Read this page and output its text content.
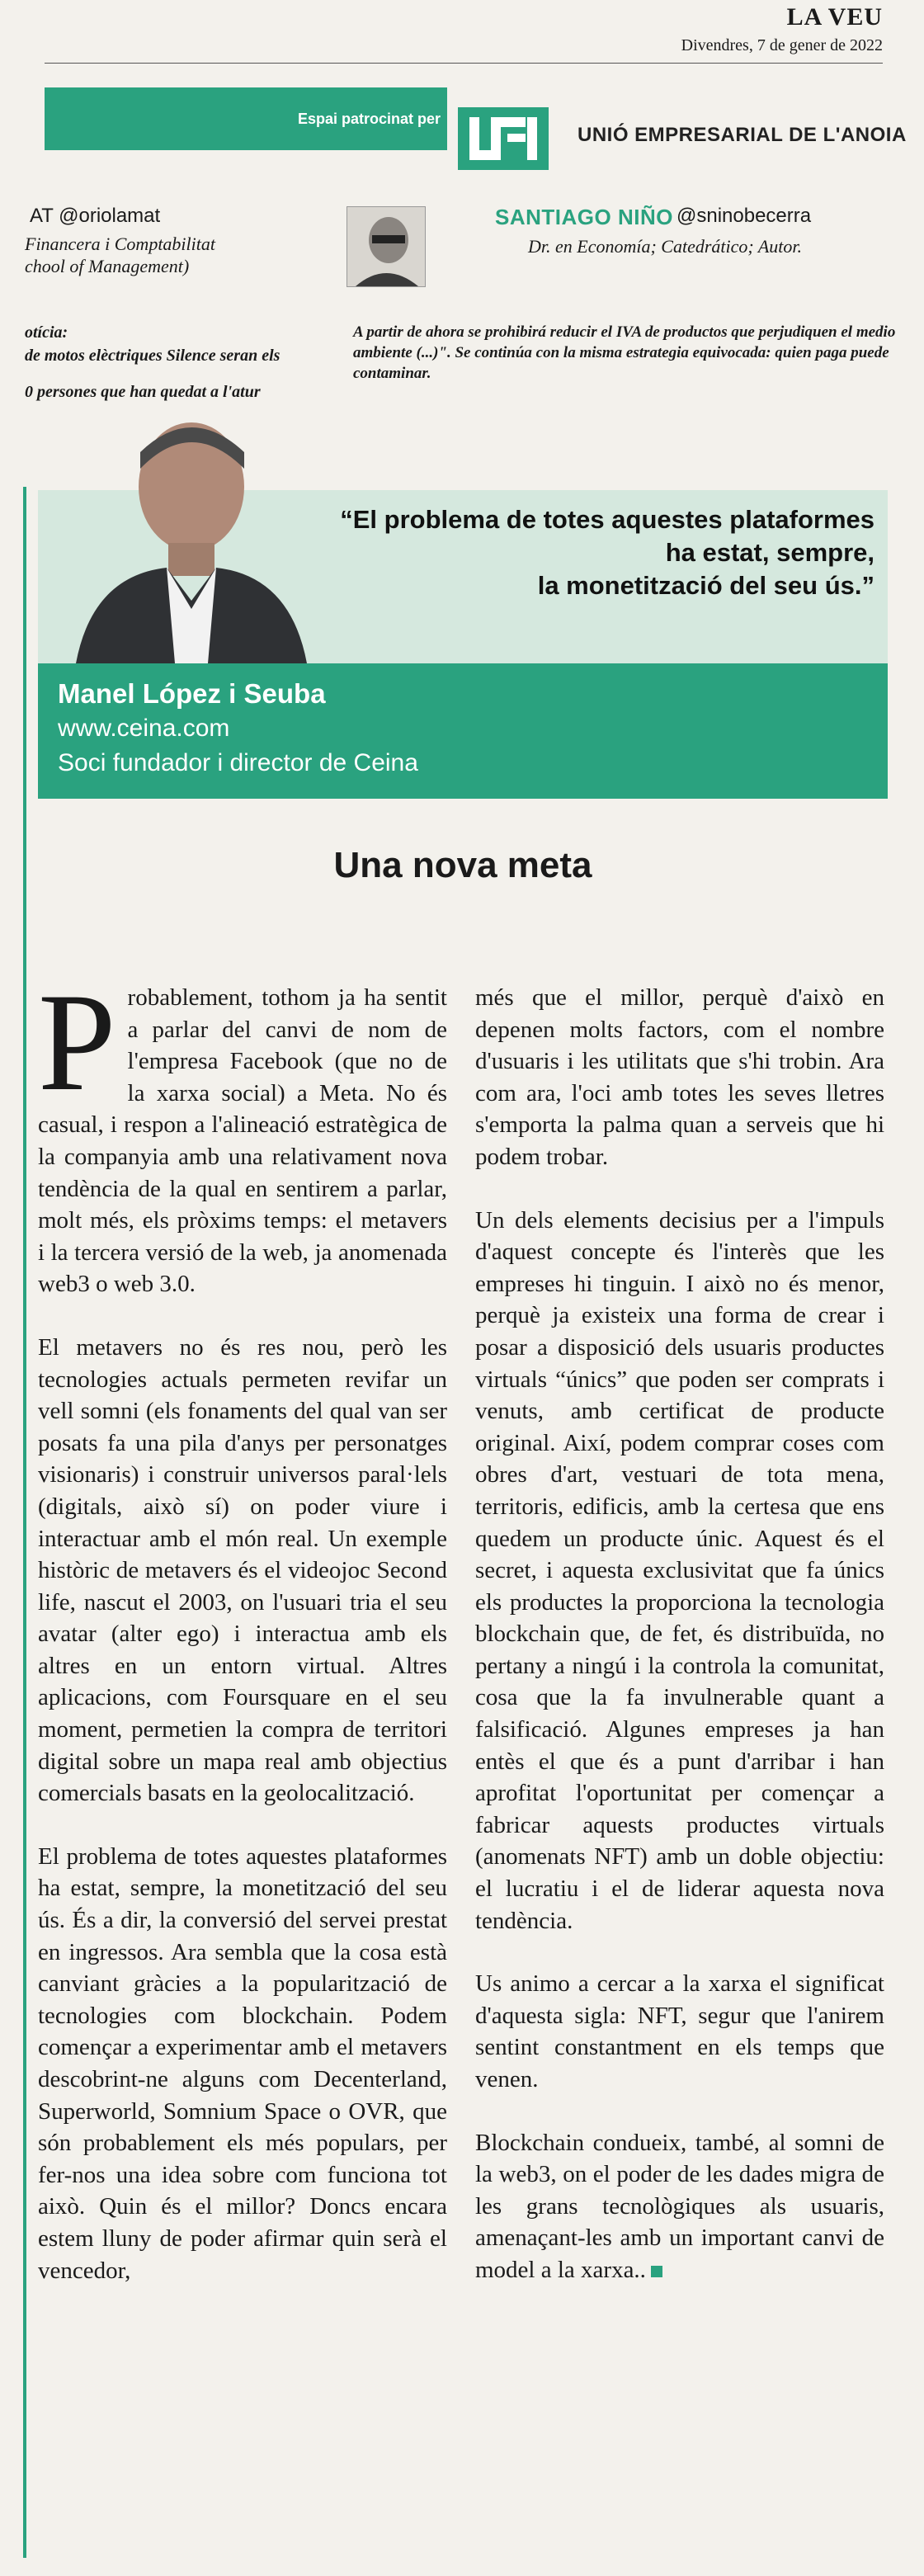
LA VEU
Divendres, 7 de gener de 2022
Espai patrocinat per
UNIÓ EMPRESARIAL DE L'ANOIA
AT @oriolamat
Financera i Comptabilitat
chool of Management)
otícia:
de motos elèctriques Silence seran els
0 persones que han quedat a l'atur
SANTIAGO NIÑO @sninobecerra
Dr. en Economía; Catedrático; Autor.
A partir de ahora se prohibirá reducir el IVA de productos que perjudiquen el medio ambiente (...)". Se continúa con la misma estrategia equivocada: quien paga puede contaminar.
“El problema de totes aquestes plataformes
ha estat, sempre,
la monetització del seu ús.”
Manel López i Seuba
www.ceina.com
Soci fundador i director de Ceina
Una nova meta

Probablement, tothom ja ha sentit a parlar del canvi de nom de l'empresa Facebook (que no de la xarxa social) a Meta. No és casual, i respon a l'alineació estratègica de la companyia amb una relativament nova tendència de la qual en sentirem a parlar, molt més, els pròxims temps: el metavers i la tercera versió de la web, ja anomenada web3 o web 3.0.

El metavers no és res nou, però les tecnologies actuals permeten revifar un vell somni (els fonaments del qual van ser posats fa una pila d'anys per personatges visionaris) i construir universos paral·lels (digitals, això sí) on poder viure i interactuar amb el món real. Un exemple històric de metavers és el videojoc Second life, nascut el 2003, on l'usuari tria el seu avatar (alter ego) i interactua amb els altres en un entorn virtual. Altres aplicacions, com Foursquare en el seu moment, permetien la compra de territori digital sobre un mapa real amb objectius comercials basats en la geolocalització.

El problema de totes aquestes plataformes ha estat, sempre, la monetització del seu ús. És a dir, la conversió del servei prestat en ingressos. Ara sembla que la cosa està canviant gràcies a la popularització de tecnologies com blockchain. Podem començar a experimentar amb el metavers descobrint-ne alguns com Decenterland, Superworld, Somnium Space o OVR, que són probablement els més populars, per fer-nos una idea sobre com funciona tot això. Quin és el millor? Doncs encara estem lluny de poder afirmar quin serà el vencedor,

més que el millor, perquè d'això en depenen molts factors, com el nombre d'usuaris i les utilitats que s'hi trobin. Ara com ara, l'oci amb totes les seves lletres s'emporta la palma quan a serveis que hi podem trobar.

Un dels elements decisius per a l'impuls d'aquest concepte és l'interès que les empreses hi tinguin. I això no és menor, perquè ja existeix una forma de crear i posar a disposició dels usuaris productes virtuals “únics” que poden ser comprats i venuts, amb certificat de producte original. Així, podem comprar coses com obres d'art, vestuari de tota mena, territoris, edificis, amb la certesa que ens quedem un producte únic. Aquest és el secret, i aquesta exclusivitat que fa únics els productes la proporciona la tecnologia blockchain que, de fet, és distribuïda, no pertany a ningú i la controla la comunitat, cosa que la fa invulnerable quant a falsificació. Algunes empreses ja han entès el que és a punt d'arribar i han aprofitat l'oportunitat per començar a fabricar aquests productes virtuals (anomenats NFT) amb un doble objectiu: el lucratiu i el de liderar aquesta nova tendència.

Us animo a cercar a la xarxa el significat d'aquesta sigla: NFT, segur que l'anirem sentint constantment en els temps que venen.

Blockchain condueix, també, al somni de la web3, on el poder de les dades migra de les grans tecnològiques als usuaris, amenaçant-les amb un important canvi de model a la xarxa..
